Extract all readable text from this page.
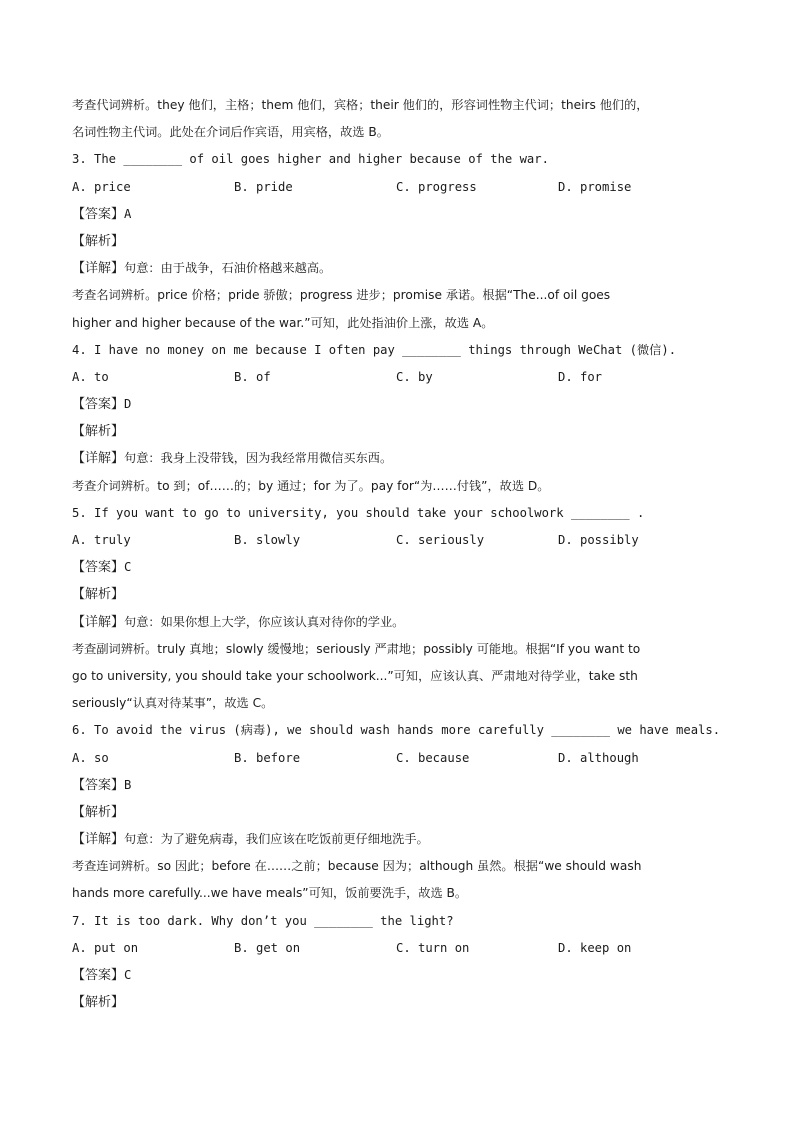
考查代词辨析。they 他们，主格；them 他们，宾格；their 他们的，形容词性物主代词；theirs 他们的，
名词性物主代词。此处在介词后作宾语，用宾格，故选 B。
3. The ________ of oil goes higher and higher because of the war.
A. price	B. pride	C. progress	D. promise
【答案】A
【解析】
【详解】句意：由于战争，石油价格越来越高。
考查名词辨析。price 价格；pride 骄傲；progress 进步；promise 承诺。根据“The...of oil goes
higher and higher because of the war.”可知，此处指油价上涨，故选 A。
4. I have no money on me because I often pay ________ things through WeChat (微信).
A. to	B. of	C. by	D. for
【答案】D
【解析】
【详解】句意：我身上没带钱，因为我经常用微信买东西。
考查介词辨析。to 到；of……的；by 通过；for 为了。pay for“为……付钱”，故选 D。
5. If you want to go to university, you should take your schoolwork ________ .
A. truly	B. slowly	C. seriously	D. possibly
【答案】C
【解析】
【详解】句意：如果你想上大学，你应该认真对待你的学业。
考查副词辨析。truly 真地；slowly 缓慢地；seriously 严肃地；possibly 可能地。根据“If you want to
go to university, you should take your schoolwork...”可知，应该认真、严肃地对待学业，take sth
seriously“认真对待某事”，故选 C。
6. To avoid the virus (病毒), we should wash hands more carefully ________ we have meals.
A. so	B. before	C. because	D. although
【答案】B
【解析】
【详解】句意：为了避免病毒，我们应该在吃饭前更仔细地洗手。
考查连词辨析。so 因此；before 在……之前；because 因为；although 虽然。根据“we should wash
hands more carefully...we have meals”可知，饭前要洗手，故选 B。
7. It is too dark. Why don’t you ________ the light?
A. put on	B. get on	C. turn on	D. keep on
【答案】C
【解析】
